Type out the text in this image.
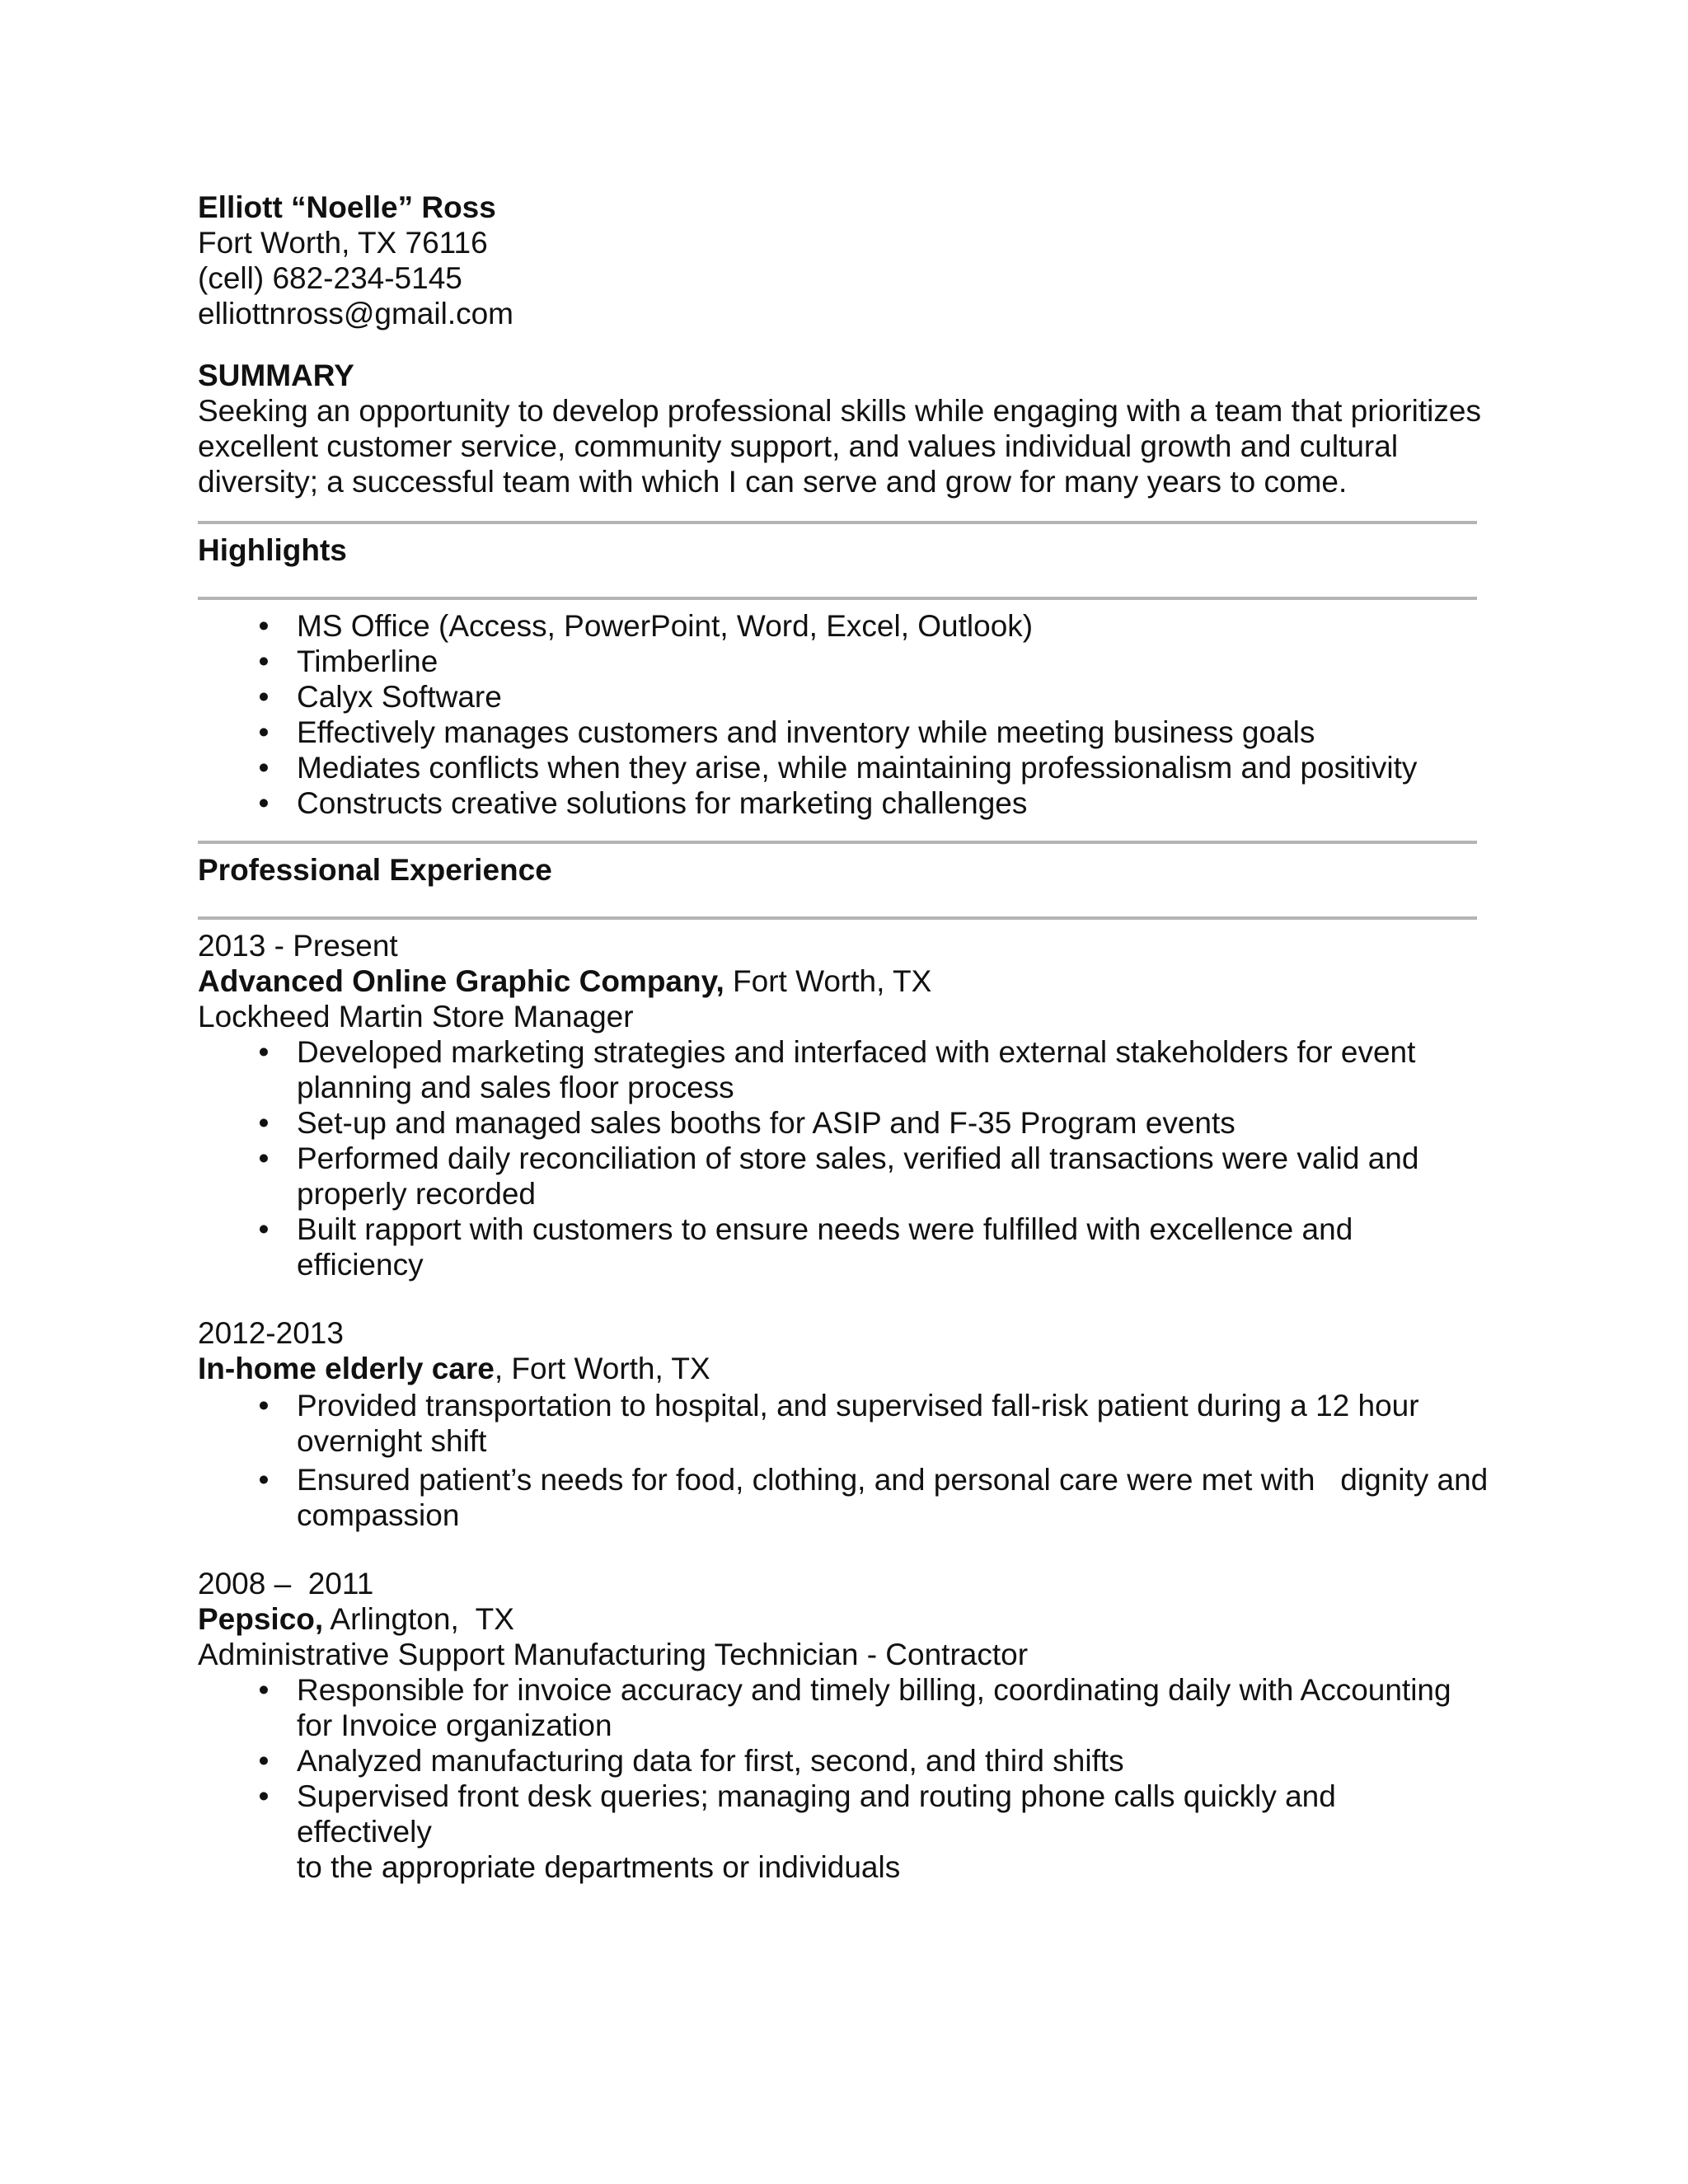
Elliott “Noelle” Ross

Fort Worth, TX 76116

(cell) 682-234-5145

elliottnross@gmail.com

SUMMARY

Seeking an opportunity to develop professional skills while engaging with a team that prioritizes

excellent customer service, community support, and values individual growth and cultural

diversity; a successful team with which I can serve and grow for many years to come.

Highlights

• MS Office (Access, PowerPoint, Word, Excel, Outlook)
• Timberline
• Calyx Software
• Effectively manages customers and inventory while meeting business goals
• Mediates conflicts when they arise, while maintaining professionalism and positivity
• Constructs creative solutions for marketing challenges

Professional Experience

2013 - Present

Advanced Online Graphic Company, Fort Worth, TX

Lockheed Martin Store Manager

• Developed marketing strategies and interfaced with external stakeholders for event
planning and sales floor process
• Set-up and managed sales booths for ASIP and F-35 Program events
• Performed daily reconciliation of store sales, verified all transactions were valid and
properly recorded
• Built rapport with customers to ensure needs were fulfilled with excellence and efficiency

2012-2013

In-home elderly care, Fort Worth, TX

• Provided transportation to hospital, and supervised fall-risk patient during a 12 hour
overnight shift
• Ensured patient’s needs for food, clothing, and personal care were met with   dignity and
compassion

2008 –  2011

Pepsico, Arlington,  TX

Administrative Support Manufacturing Technician - Contractor

• Responsible for invoice accuracy and timely billing, coordinating daily with Accounting
for Invoice organization
• Analyzed manufacturing data for first, second, and third shifts
• Supervised front desk queries; managing and routing phone calls quickly and effectively
to the appropriate departments or individuals
